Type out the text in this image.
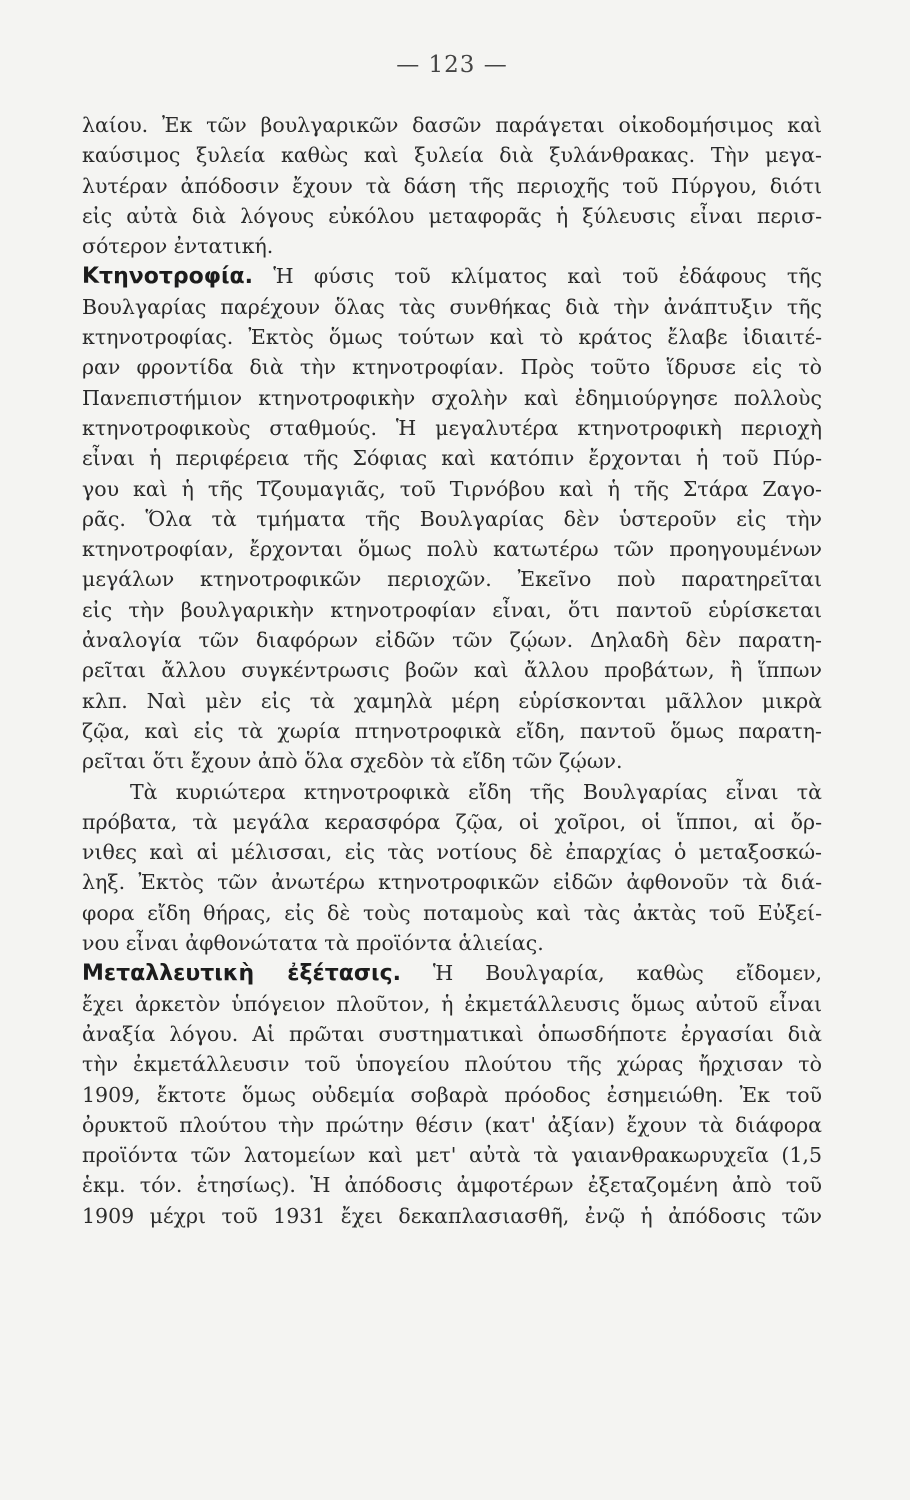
— 123 —
λαίου. Ἐκ τῶν βουλγαρικῶν δασῶν παράγεται οἰκοδομήσιμος καὶ
καύσιμος ξυλεία καθὼς καὶ ξυλεία διὰ ξυλάνθρακας. Τὴν μεγα-
λυτέραν ἀπόδοσιν ἔχουν τὰ δάση τῆς περιοχῆς τοῦ Πύργου, διότι
εἰς αὐτὰ διὰ λόγους εὐκόλου μεταφορᾶς ἡ ξύλευσις εἶναι περισ-
σότερον ἐντατική.
Κτηνοτροφία. Ἡ φύσις τοῦ κλίματος καὶ τοῦ ἐδάφους τῆς
Βουλγαρίας παρέχουν ὅλας τὰς συνθήκας διὰ τὴν ἀνάπτυξιν τῆς
κτηνοτροφίας. Ἐκτὸς ὅμως τούτων καὶ τὸ κράτος ἔλαβε ἰδιαιτέ-
ραν φροντίδα διὰ τὴν κτηνοτροφίαν. Πρὸς τοῦτο ἵδρυσε εἰς τὸ
Πανεπιστήμιον κτηνοτροφικὴν σχολὴν καὶ ἐδημιούργησε πολλοὺς
κτηνοτροφικοὺς σταθμούς. Ἡ μεγαλυτέρα κτηνοτροφικὴ περιοχὴ
εἶναι ἡ περιφέρεια τῆς Σόφιας καὶ κατόπιν ἔρχονται ἡ τοῦ Πύρ-
γου καὶ ἡ τῆς Τζουμαγιᾶς, τοῦ Τιρνόβου καὶ ἡ τῆς Στάρα Ζαγο-
ρᾶς. Ὅλα τὰ τμήματα τῆς Βουλγαρίας δὲν ὑστεροῦν εἰς τὴν
κτηνοτροφίαν, ἔρχονται ὅμως πολὺ κατωτέρω τῶν προηγουμένων
μεγάλων κτηνοτροφικῶν περιοχῶν. Ἐκεῖνο ποὺ παρατηρεῖται
εἰς τὴν βουλγαρικὴν κτηνοτροφίαν εἶναι, ὅτι παντοῦ εὑρίσκεται
ἀναλογία τῶν διαφόρων εἰδῶν τῶν ζῴων. Δηλαδὴ δὲν παρατη-
ρεῖται ἄλλου συγκέντρωσις βοῶν καὶ ἄλλου προβάτων, ἢ ἵππων
κλπ. Ναὶ μὲν εἰς τὰ χαμηλὰ μέρη εὑρίσκονται μᾶλλον μικρὰ
ζῷα, καὶ εἰς τὰ χωρία πτηνοτροφικὰ εἴδη, παντοῦ ὅμως παρατη-
ρεῖται ὅτι ἔχουν ἀπὸ ὅλα σχεδὸν τὰ εἴδη τῶν ζῴων.
Τὰ κυριώτερα κτηνοτροφικὰ εἴδη τῆς Βουλγαρίας εἶναι τὰ
πρόβατα, τὰ μεγάλα κερασφόρα ζῷα, οἱ χοῖροι, οἱ ἵπποι, αἱ ὄρ-
νιθες καὶ αἱ μέλισσαι, εἰς τὰς νοτίους δὲ ἐπαρχίας ὁ μεταξοσκώ-
ληξ. Ἐκτὸς τῶν ἀνωτέρω κτηνοτροφικῶν εἰδῶν ἀφθονοῦν τὰ διά-
φορα εἴδη θήρας, εἰς δὲ τοὺς ποταμοὺς καὶ τὰς ἀκτὰς τοῦ Εὐξεί-
νου εἶναι ἀφθονώτατα τὰ προϊόντα ἁλιείας.
Μεταλλευτικὴ ἐξέτασις. Ἡ Βουλγαρία, καθὼς εἴδομεν,
ἔχει ἀρκετὸν ὑπόγειον πλοῦτον, ἡ ἐκμετάλλευσις ὅμως αὐτοῦ εἶναι
ἀναξία λόγου. Αἱ πρῶται συστηματικαὶ ὁπωσδήποτε ἐργασίαι διὰ
τὴν ἐκμετάλλευσιν τοῦ ὑπογείου πλούτου τῆς χώρας ἤρχισαν τὸ
1909, ἔκτοτε ὅμως οὐδεμία σοβαρὰ πρόοδος ἐσημειώθη. Ἐκ τοῦ
ὀρυκτοῦ πλούτου τὴν πρώτην θέσιν (κατ' ἀξίαν) ἔχουν τὰ διάφορα
προϊόντα τῶν λατομείων καὶ μετ' αὐτὰ τὰ γαιανθρακωρυχεῖα (1,5
ἑκμ. τόν. ἐτησίως). Ἡ ἀπόδοσις ἀμφοτέρων ἐξεταζομένη ἀπὸ τοῦ
1909 μέχρι τοῦ 1931 ἔχει δεκαπλασιασθῆ, ἐνῷ ἡ ἀπόδοσις τῶν
